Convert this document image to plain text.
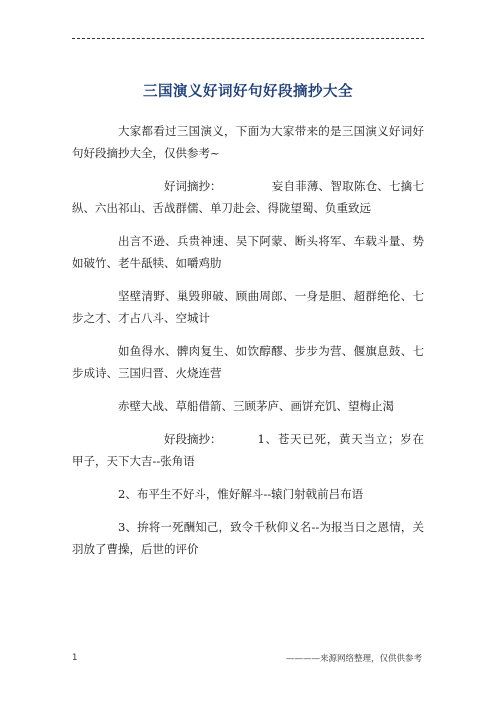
三国演义好词好句好段摘抄大全

大家都看过三国演义，下面为大家带来的是三国演义好词好句好段摘抄大全，仅供参考~

好词摘抄：	妄自菲薄、智取陈仓、七擒七纵、六出祁山、舌战群儒、单刀赴会、得陇望蜀、负重致远

出言不逊、兵贵神速、吴下阿蒙、断头将军、车载斗量、势如破竹、老牛舐犊、如嚼鸡肋

坚壁清野、巢毁卵破、顾曲周郎、一身是胆、超群绝伦、七步之才、才占八斗、空城计

如鱼得水、髀肉复生、如饮醇醪、步步为营、偃旗息鼓、七步成诗、三国归晋、火烧连营

赤壁大战、草船借箭、三顾茅庐、画饼充饥、望梅止渴

好段摘抄：	1、苍天已死，黄天当立；岁在甲子，天下大吉--张角语

2、布平生不好斗，惟好解斗--辕门射戟前吕布语

3、拚将一死酬知己，致令千秋仰义名--为报当日之恩情，关羽放了曹操，后世的评价

1	————来源网络整理，仅供供参考
